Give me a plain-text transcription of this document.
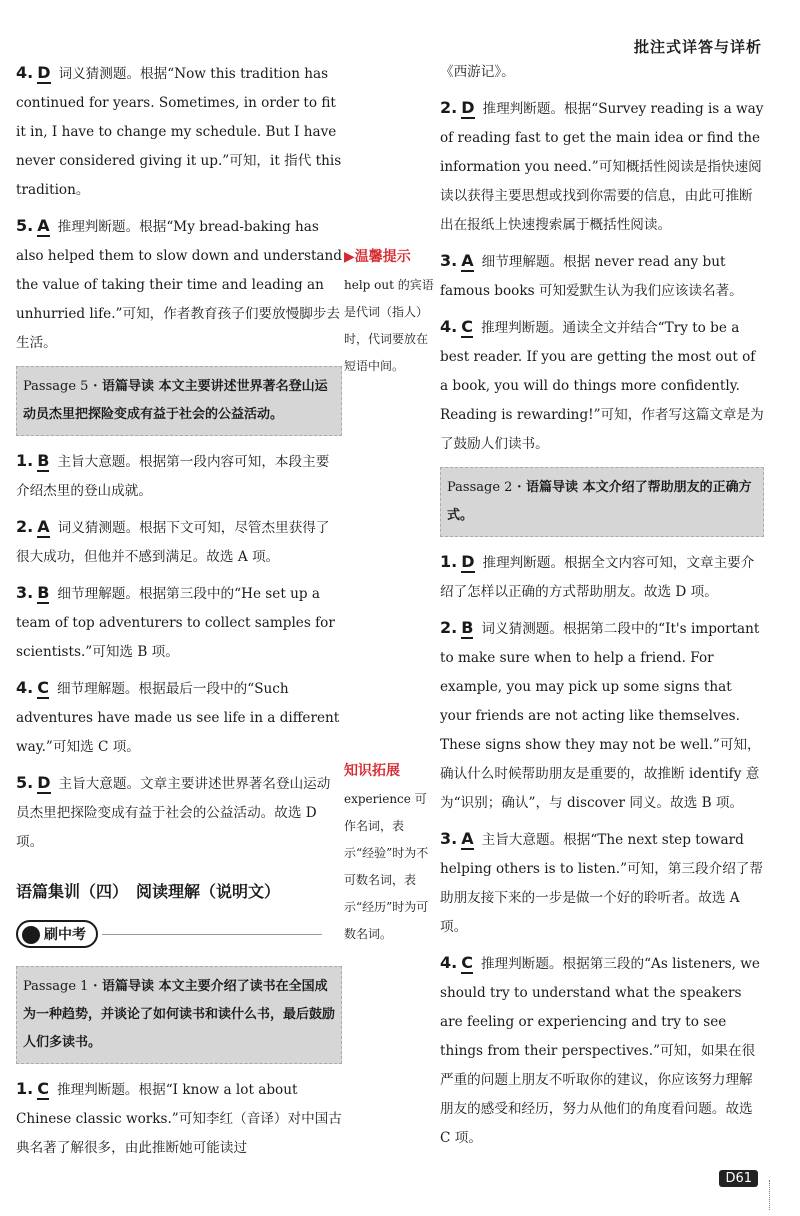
批注式详答与详析
4. D 词义猜测题。根据“Now this tradition has continued for years. Sometimes, in order to fit it in, I have to change my schedule. But I have never considered giving it up.”可知，it 指代 this tradition。
5. A 推理判断题。根据“My bread-baking has also helped them to slow down and understand the value of taking their time and leading an unhurried life.”可知，作者教育孩子们要放慢脚步去生活。
Passage 5 · 语篇导读 本文主要讲述世界著名登山运动员杰里把探险变成有益于社会的公益活动。
1. B 主旨大意题。根据第一段内容可知，本段主要介绍杰里的登山成就。
2. A 词义猜测题。根据下文可知，尽管杰里获得了很大成功，但他并不感到满足。故选 A 项。
3. B 细节理解题。根据第三段中的“He set up a team of top adventurers to collect samples for scientists.”可知选 B 项。
4. C 细节理解题。根据最后一段中的“Such adventures have made us see life in a different way.”可知选 C 项。
5. D 主旨大意题。文章主要讲述世界著名登山运动员杰里把探险变成有益于社会的公益活动。故选 D 项。
语篇集训（四）　阅读理解（说明文）
刷中考
Passage 1 · 语篇导读 本文主要介绍了读书在全国成为一种趋势，并谈论了如何读书和读什么书，最后鼓励人们多读书。
1. C 推理判断题。根据“I know a lot about Chinese classic works.”可知李红（音译）对中国古典名著了解很多，由此推断她可能读过
▶温馨提示
help out 的宾语是代词（指人）时，代词要放在短语中间。
知识拓展
experience 可作名词，表示“经验”时为不可数名词，表示“经历”时为可数名词。
《西游记》。
2. D 推理判断题。根据“Survey reading is a way of reading fast to get the main idea or find the information you need.”可知概括性阅读是指快速阅读以获得主要思想或找到你需要的信息，由此可推断出在报纸上快速搜索属于概括性阅读。
3. A 细节理解题。根据 never read any but famous books 可知爱默生认为我们应该读名著。
4. C 推理判断题。通读全文并结合“Try to be a best reader. If you are getting the most out of a book, you will do things more confidently. Reading is rewarding!”可知，作者写这篇文章是为了鼓励人们读书。
Passage 2 · 语篇导读 本文介绍了帮助朋友的正确方式。
1. D 推理判断题。根据全文内容可知，文章主要介绍了怎样以正确的方式帮助朋友。故选 D 项。
2. B 词义猜测题。根据第二段中的“It's important to make sure when to help a friend. For example, you may pick up some signs that your friends are not acting like themselves. These signs show they may not be well.”可知，确认什么时候帮助朋友是重要的，故推断 identify 意为“识别；确认”，与 discover 同义。故选 B 项。
3. A 主旨大意题。根据“The next step toward helping others is to listen.”可知，第三段介绍了帮助朋友接下来的一步是做一个好的聆听者。故选 A 项。
4. C 推理判断题。根据第三段的“As listeners, we should try to understand what the speakers are feeling or experiencing and try to see things from their perspectives.”可知，如果在很严重的问题上朋友不听取你的建议，你应该努力理解朋友的感受和经历，努力从他们的角度看问题。故选 C 项。
D61
